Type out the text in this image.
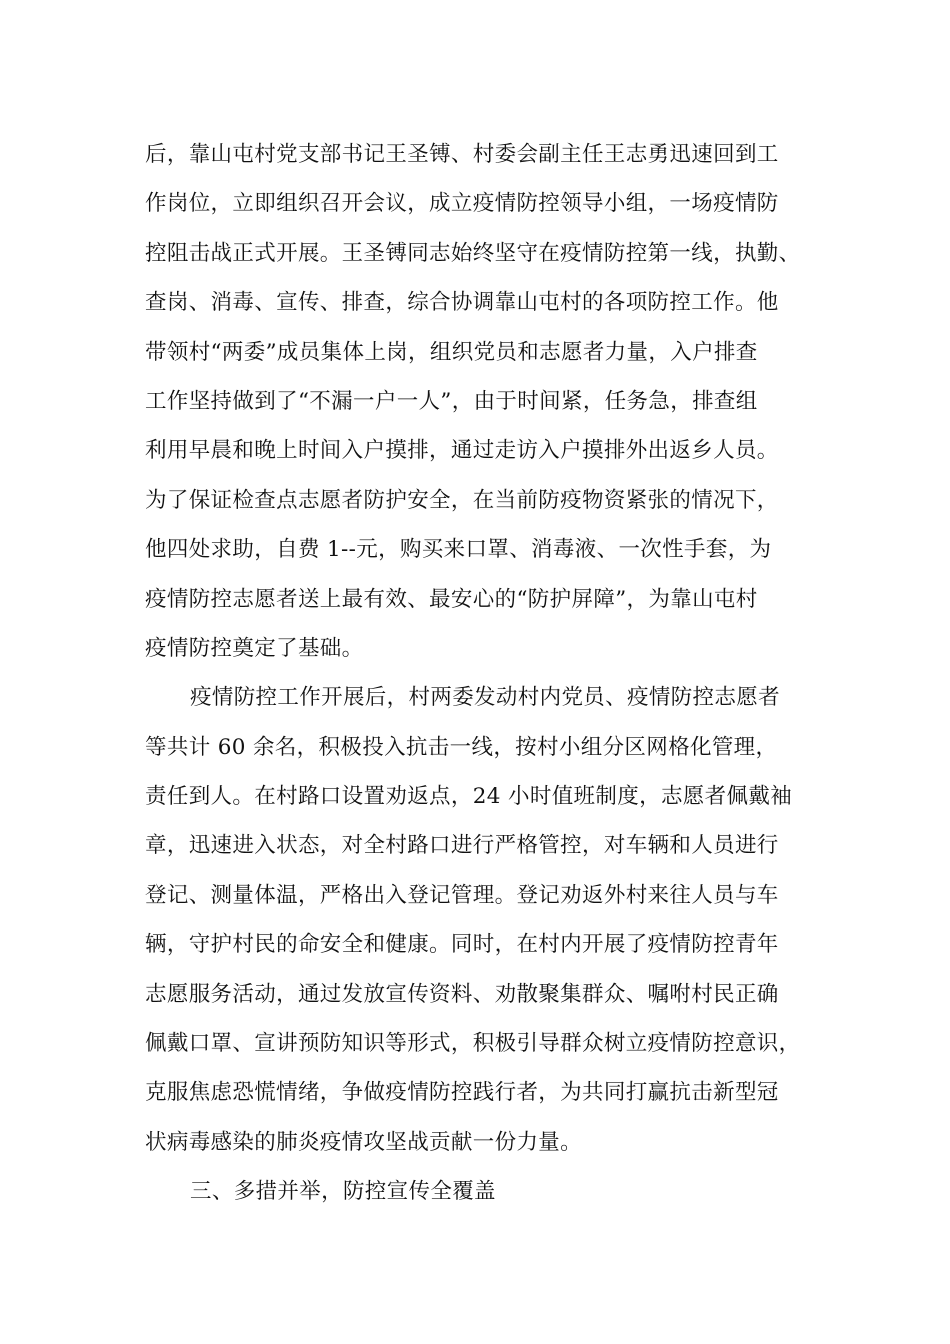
后，靠山屯村党支部书记王圣镈、村委会副主任王志勇迅速回到工
作岗位，立即组织召开会议，成立疫情防控领导小组，一场疫情防
控阻击战正式开展。王圣镈同志始终坚守在疫情防控第一线，执勤、
查岗、消毒、宣传、排查，综合协调靠山屯村的各项防控工作。他
带领村“两委”成员集体上岗，组织党员和志愿者力量，入户排查
工作坚持做到了“不漏一户一人”，由于时间紧，任务急，排查组
利用早晨和晚上时间入户摸排，通过走访入户摸排外出返乡人员。
为了保证检查点志愿者防护安全，在当前防疫物资紧张的情况下，
他四处求助，自费 1--元，购买来口罩、消毒液、一次性手套，为
疫情防控志愿者送上最有效、最安心的“防护屏障”，为靠山屯村
疫情防控奠定了基础。
疫情防控工作开展后，村两委发动村内党员、疫情防控志愿者
等共计 60 余名，积极投入抗击一线，按村小组分区网格化管理，
责任到人。在村路口设置劝返点，24 小时值班制度，志愿者佩戴袖
章，迅速进入状态，对全村路口进行严格管控，对车辆和人员进行
登记、测量体温，严格出入登记管理。登记劝返外村来往人员与车
辆，守护村民的命安全和健康。同时，在村内开展了疫情防控青年
志愿服务活动，通过发放宣传资料、劝散聚集群众、嘱咐村民正确
佩戴口罩、宣讲预防知识等形式，积极引导群众树立疫情防控意识，
克服焦虑恐慌情绪，争做疫情防控践行者，为共同打赢抗击新型冠
状病毒感染的肺炎疫情攻坚战贡献一份力量。
三、多措并举，防控宣传全覆盖
